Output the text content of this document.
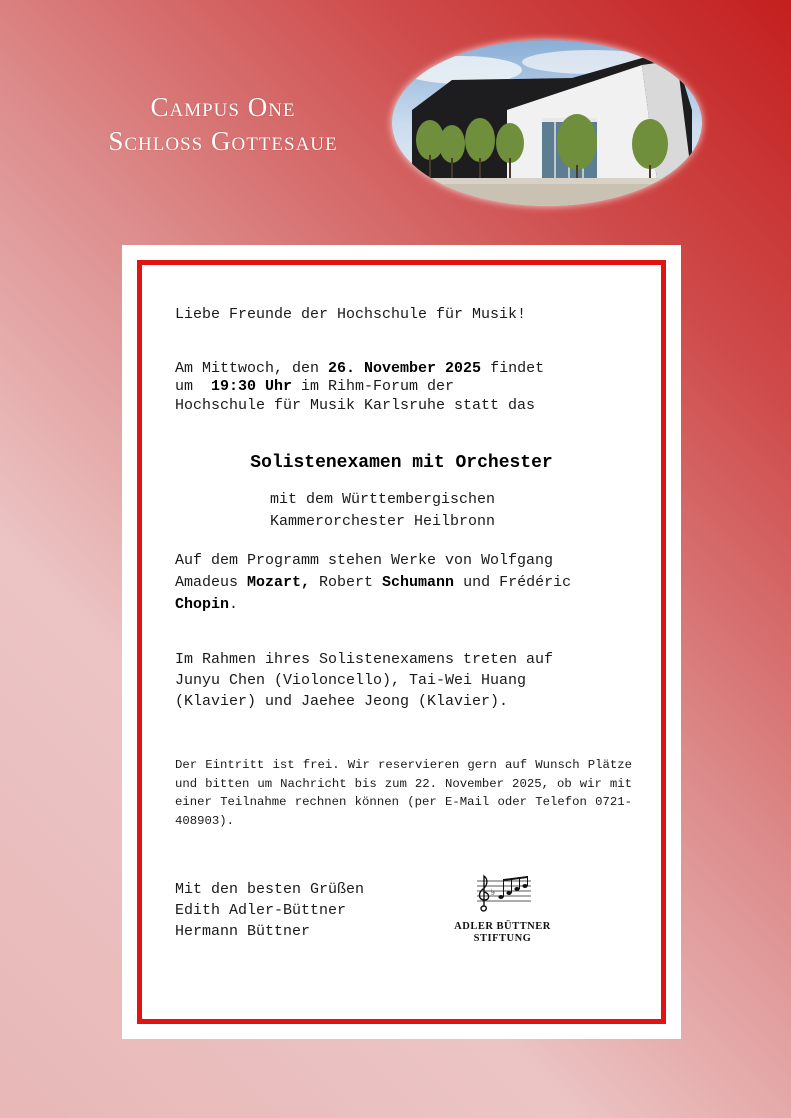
Campus One
Schloss Gottesaue
Liebe Freunde der Hochschule für Musik!
Am Mittwoch, den 26. November 2025 findet
um  19:30 Uhr im Rihm-Forum der
Hochschule für Musik Karlsruhe statt das
Solistenexamen mit Orchester
mit dem Württembergischen
Kammerorchester Heilbronn
Auf dem Programm stehen Werke von Wolfgang
Amadeus Mozart, Robert Schumann und Frédéric
Chopin.
Im Rahmen ihres Solistenexamens treten auf
Junyu Chen (Violoncello), Tai-Wei Huang
(Klavier) und Jaehee Jeong (Klavier).
Der Eintritt ist frei. Wir reservieren gern auf Wunsch Plätze und bitten um Nachricht bis zum 22. November 2025, ob wir mit einer Teilnahme rechnen können (per E-Mail oder Telefon 0721-408903).
Mit den besten Grüßen
Edith Adler-Büttner
Hermann Büttner
♭
ADLER BÜTTNER
STIFTUNG
